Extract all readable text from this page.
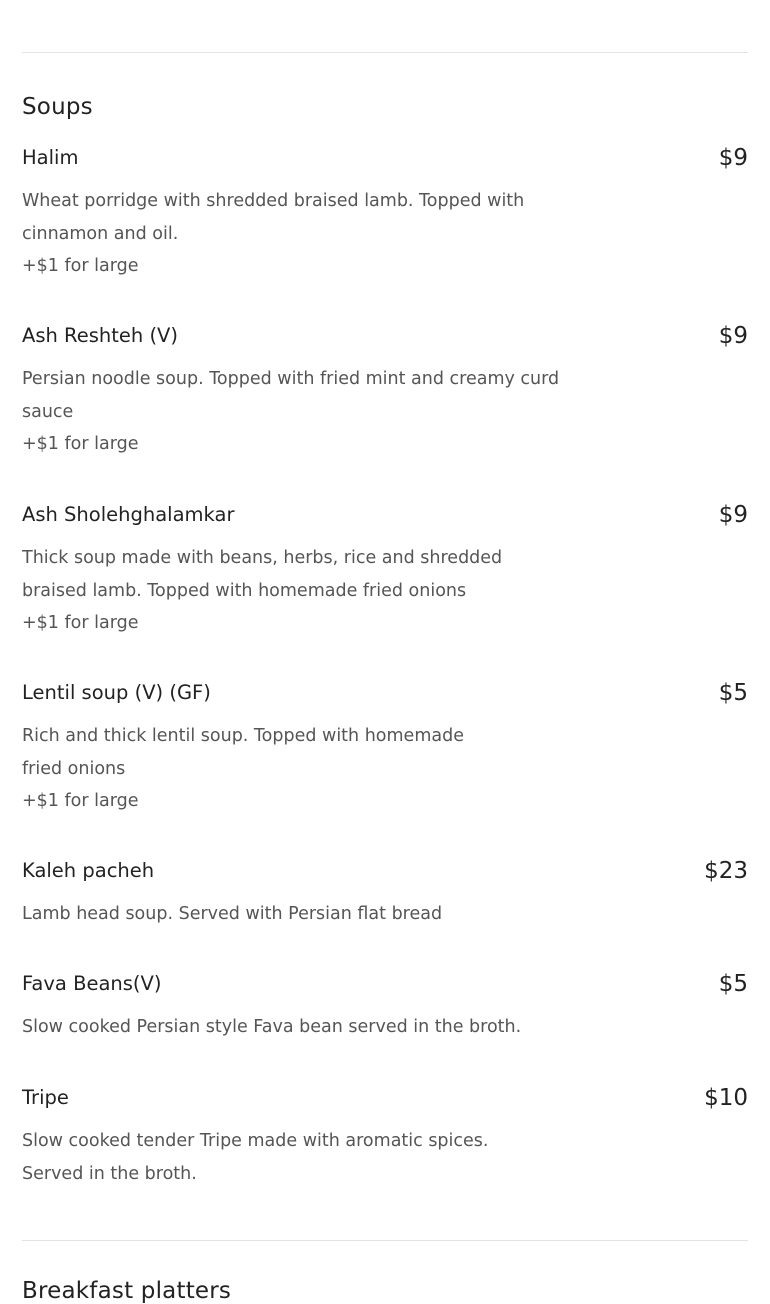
Soups
Halim	$9

Wheat porridge with shredded braised lamb. Topped with cinnamon and oil.

+$1 for large

Ash Reshteh (V)	$9

Persian noodle soup. Topped with fried mint and creamy curd sauce

+$1 for large

Ash Sholehghalamkar	$9

Thick soup made with beans, herbs, rice and shredded braised lamb. Topped with homemade fried onions

+$1 for large

Lentil soup (V) (GF)	$5

Rich and thick lentil soup. Topped with homemade fried onions

+$1 for large

Kaleh pacheh	$23

Lamb head soup. Served with Persian flat bread

Fava Beans(V)	$5

Slow cooked Persian style Fava bean served in the broth.

Tripe	$10

Slow cooked tender Tripe made with aromatic spices. Served in the broth.

Breakfast platters
